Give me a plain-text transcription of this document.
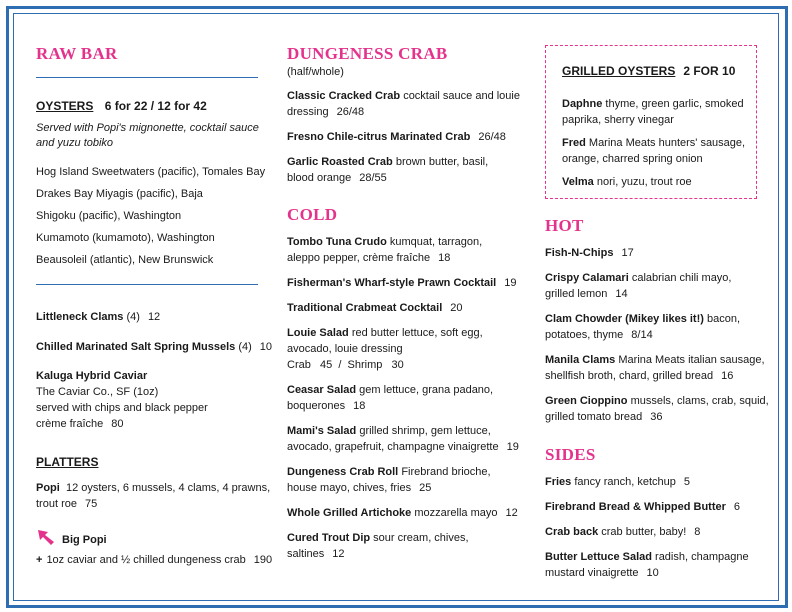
RAW BAR
OYSTERS 6 for 22 / 12 for 42
Served with Popi's mignonette, cocktail sauce
and yuzu tobiko
Hog Island Sweetwaters (pacific), Tomales Bay
Drakes Bay Miyagis (pacific), Baja
Shigoku (pacific), Washington
Kumamoto (kumamoto), Washington
Beausoleil (atlantic), New Brunswick
Littleneck Clams (4) 12
Chilled Marinated Salt Spring Mussels (4) 10
Kaluga Hybrid Caviar
The Caviar Co., SF (1oz)
served with chips and black pepper
crème fraîche 80
PLATTERS
Popi 12 oysters, 6 mussels, 4 clams, 4 prawns,
trout roe 75
Big Popi
+ 1oz caviar and ½ chilled dungeness crab 190
DUNGENESS CRAB
(half/whole)
Classic Cracked Crab cocktail sauce and louie
dressing 26/48
Fresno Chile-citrus Marinated Crab 26/48
Garlic Roasted Crab brown butter, basil,
blood orange 28/55
COLD
Tombo Tuna Crudo kumquat, tarragon,
aleppo pepper, crème fraîche 18
Fisherman's Wharf-style Prawn Cocktail 19
Traditional Crabmeat Cocktail 20
Louie Salad red butter lettuce, soft egg,
avocado, louie dressing
Crab   45  /  Shrimp   30
Ceasar Salad gem lettuce, grana padano,
boquerones 18
Mami's Salad grilled shrimp, gem lettuce,
avocado, grapefruit, champagne vinaigrette 19
Dungeness Crab Roll Firebrand brioche,
house mayo, chives, fries 25
Whole Grilled Artichoke mozzarella mayo 12
Cured Trout Dip sour cream, chives,
saltines 12
GRILLED OYSTERS 2 FOR 10
Daphne thyme, green garlic, smoked
paprika, sherry vinegar
Fred Marina Meats hunters' sausage,
orange, charred spring onion
Velma nori, yuzu, trout roe
HOT
Fish-N-Chips 17
Crispy Calamari calabrian chili mayo,
grilled lemon 14
Clam Chowder (Mikey likes it!) bacon,
potatoes, thyme 8/14
Manila Clams Marina Meats italian sausage,
shellfish broth, chard, grilled bread 16
Green Cioppino mussels, clams, crab, squid,
grilled tomato bread 36
SIDES
Fries fancy ranch, ketchup 5
Firebrand Bread & Whipped Butter 6
Crab back crab butter, baby! 8
Butter Lettuce Salad radish, champagne
mustard vinaigrette 10
